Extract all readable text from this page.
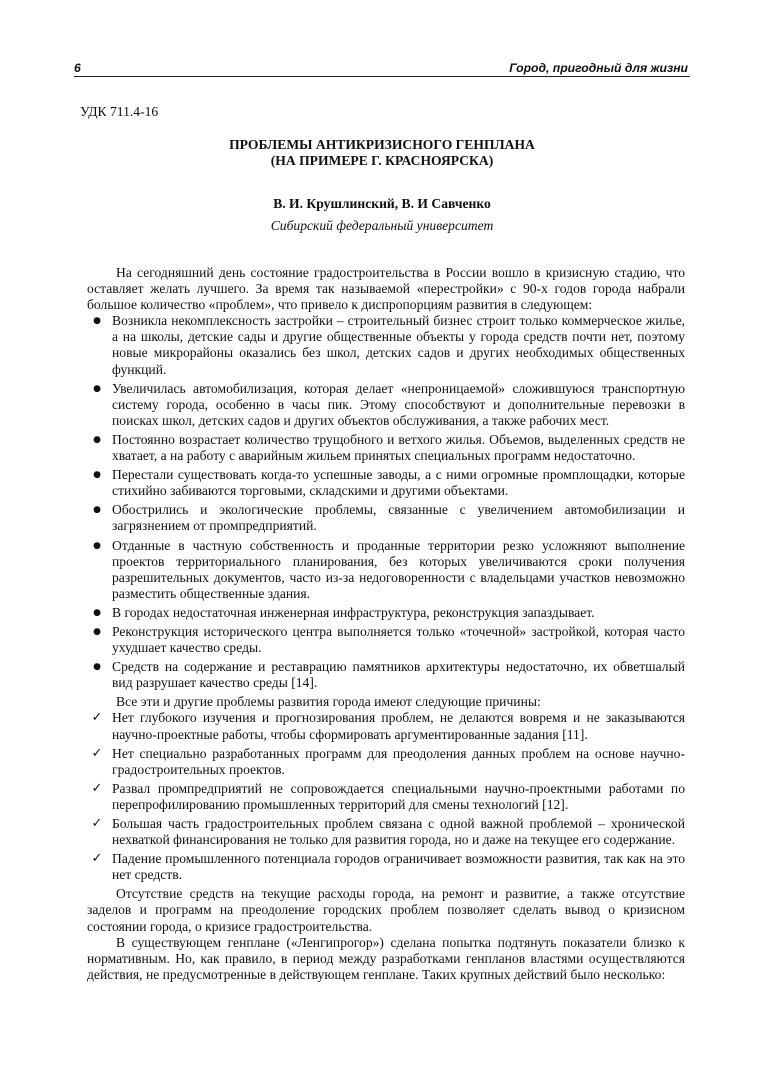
6	Город, пригодный для жизни
УДК 711.4-16
ПРОБЛЕМЫ АНТИКРИЗИСНОГО ГЕНПЛАНА
(НА ПРИМЕРЕ Г. КРАСНОЯРСКА)
В. И. Крушлинский, В. И Савченко
Сибирский федеральный университет

На сегодняшний день состояние градостроительства в России вошло в кризисную стадию, что оставляет желать лучшего. За время так называемой «перестройки» с 90-х годов города набрали большое количество «проблем», что привело к диспропорциям развития в следующем:

● Возникла некомплексность застройки – строительный бизнес строит только коммерческое жилье, а на школы, детские сады и другие общественные объекты у города средств почти нет, поэтому новые микрорайоны оказались без школ, детских садов и других необходимых общественных функций.
● Увеличилась автомобилизация, которая делает «непроницаемой» сложившуюся транспортную систему города, особенно в часы пик. Этому способствуют и дополнительные перевозки в поисках школ, детских садов и других объектов обслуживания, а также рабочих мест.
● Постоянно возрастает количество трущобного и ветхого жилья. Объемов, выделенных средств не хватает, а на работу с аварийным жильем принятых специальных программ недостаточно.
● Перестали существовать когда-то успешные заводы, а с ними огромные промплощадки, которые стихийно забиваются торговыми, складскими и другими объектами.
● Обострились и экологические проблемы, связанные с увеличением автомобилизации и загрязнением от промпредприятий.
● Отданные в частную собственность и проданные территории резко усложняют выполнение проектов территориального планирования, без которых увеличиваются сроки получения разрешительных документов, часто из-за недоговоренности с владельцами участков невозможно разместить общественные здания.
● В городах недостаточная инженерная инфраструктура, реконструкция запаздывает.
● Реконструкция исторического центра выполняется только «точечной» застройкой, которая часто ухудшает качество среды.
● Средств на содержание и реставрацию памятников архитектуры недостаточно, их обветшалый вид разрушает качество среды [14].

Все эти и другие проблемы развития города имеют следующие причины:

✓ Нет глубокого изучения и прогнозирования проблем, не делаются вовремя и не заказываются научно-проектные работы, чтобы сформировать аргументированные задания [11].
✓ Нет специально разработанных программ для преодоления данных проблем на основе научно-градостроительных проектов.
✓ Развал промпредприятий не сопровождается специальными научно-проектными работами по перепрофилированию промышленных территорий для смены технологий [12].
✓ Большая часть градостроительных проблем связана с одной важной проблемой – хронической нехваткой финансирования не только для развития города, но и даже на текущее его содержание.
✓ Падение промышленного потенциала городов ограничивает возможности развития, так как на это нет средств.

Отсутствие средств на текущие расходы города, на ремонт и развитие, а также отсутствие заделов и программ на преодоление городских проблем позволяет сделать вывод о кризисном состоянии города, о кризисе градостроительства.

В существующем генплане («Ленгипрогор») сделана попытка подтянуть показатели близко к нормативным. Но, как правило, в период между разработками генпланов властями осуществляются действия, не предусмотренные в действующем генплане. Таких крупных действий было несколько:
